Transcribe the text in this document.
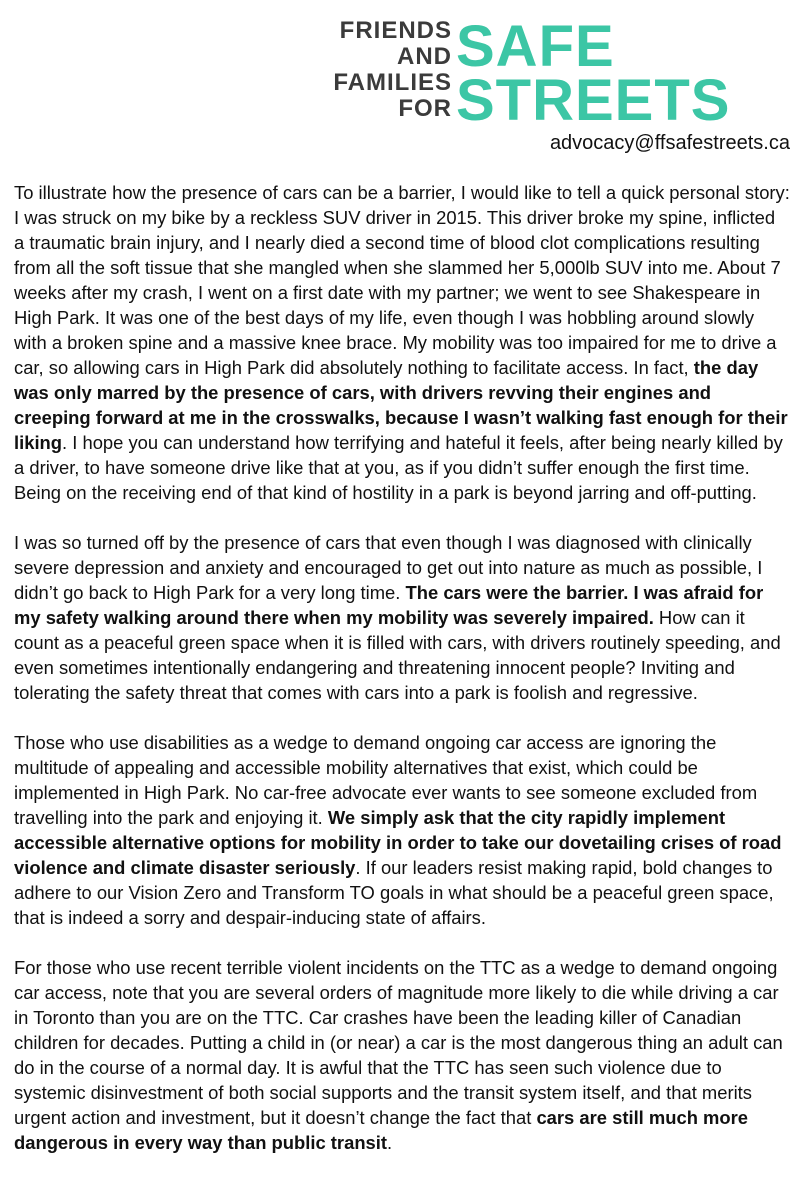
FRIENDS
AND
FAMILIES
FOR
SAFE
STREETS
advocacy@ffsafestreets.ca

To illustrate how the presence of cars can be a barrier, I would like to tell a quick personal story: I was struck on my bike by a reckless SUV driver in 2015. This driver broke my spine, inflicted a traumatic brain injury, and I nearly died a second time of blood clot complications resulting from all the soft tissue that she mangled when she slammed her 5,000lb SUV into me. About 7 weeks after my crash, I went on a first date with my partner; we went to see Shakespeare in High Park. It was one of the best days of my life, even though I was hobbling around slowly with a broken spine and a massive knee brace. My mobility was too impaired for me to drive a car, so allowing cars in High Park did absolutely nothing to facilitate access. In fact, the day was only marred by the presence of cars, with drivers revving their engines and creeping forward at me in the crosswalks, because I wasn’t walking fast enough for their liking. I hope you can understand how terrifying and hateful it feels, after being nearly killed by a driver, to have someone drive like that at you, as if you didn’t suffer enough the first time. Being on the receiving end of that kind of hostility in a park is beyond jarring and off-putting.

I was so turned off by the presence of cars that even though I was diagnosed with clinically severe depression and anxiety and encouraged to get out into nature as much as possible, I didn’t go back to High Park for a very long time. The cars were the barrier. I was afraid for my safety walking around there when my mobility was severely impaired. How can it count as a peaceful green space when it is filled with cars, with drivers routinely speeding, and even sometimes intentionally endangering and threatening innocent people? Inviting and tolerating the safety threat that comes with cars into a park is foolish and regressive.

Those who use disabilities as a wedge to demand ongoing car access are ignoring the multitude of appealing and accessible mobility alternatives that exist, which could be implemented in High Park. No car-free advocate ever wants to see someone excluded from travelling into the park and enjoying it. We simply ask that the city rapidly implement accessible alternative options for mobility in order to take our dovetailing crises of road violence and climate disaster seriously. If our leaders resist making rapid, bold changes to adhere to our Vision Zero and Transform TO goals in what should be a peaceful green space, that is indeed a sorry and despair-inducing state of affairs.

For those who use recent terrible violent incidents on the TTC as a wedge to demand ongoing car access, note that you are several orders of magnitude more likely to die while driving a car in Toronto than you are on the TTC. Car crashes have been the leading killer of Canadian children for decades. Putting a child in (or near) a car is the most dangerous thing an adult can do in the course of a normal day. It is awful that the TTC has seen such violence due to systemic disinvestment of both social supports and the transit system itself, and that merits urgent action and investment, but it doesn’t change the fact that cars are still much more dangerous in every way than public transit.
